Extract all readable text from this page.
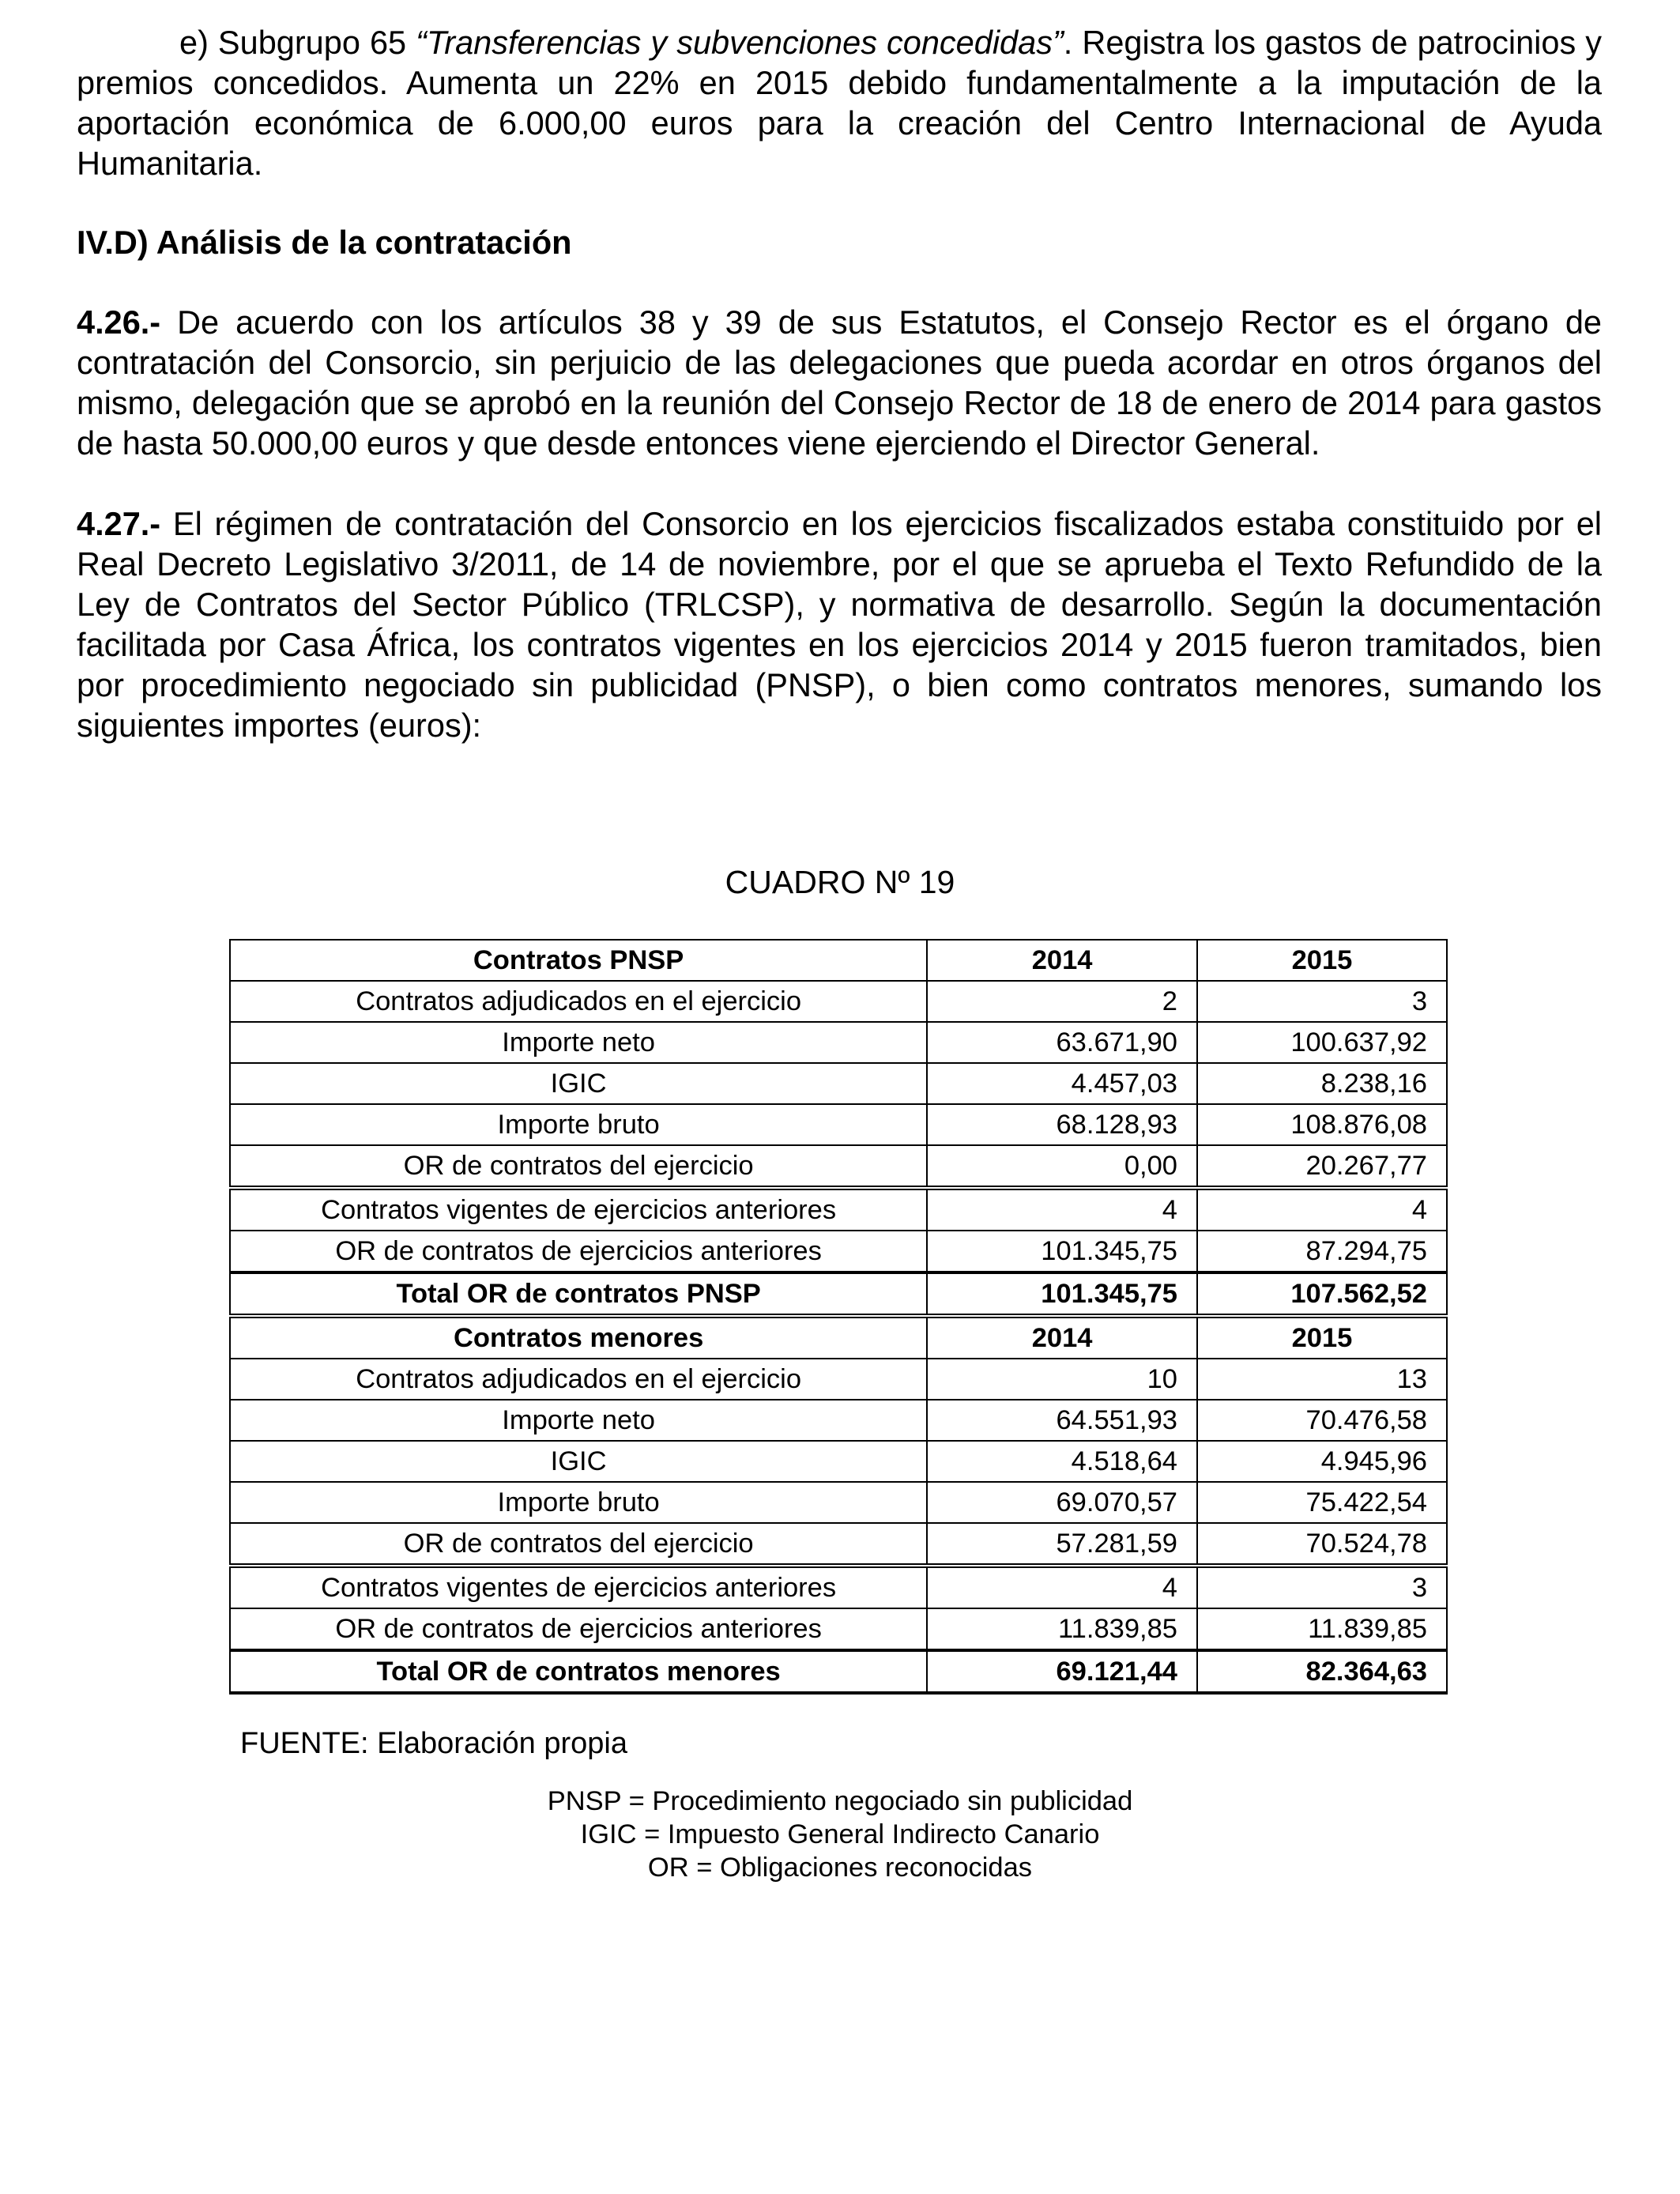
e) Subgrupo 65 “Transferencias y subvenciones concedidas”. Registra los gastos de patrocinios y premios concedidos. Aumenta un 22% en 2015 debido fundamentalmente a la imputación de la aportación económica de 6.000,00 euros para la creación del Centro Internacional de Ayuda Humanitaria.

IV.D) Análisis de la contratación

4.26.- De acuerdo con los artículos 38 y 39 de sus Estatutos, el Consejo Rector es el órgano de contratación del Consorcio, sin perjuicio de las delegaciones que pueda acordar en otros órganos del mismo, delegación que se aprobó en la reunión del Consejo Rector de 18 de enero de 2014 para gastos de hasta 50.000,00 euros y que desde entonces viene ejerciendo el Director General.

4.27.- El régimen de contratación del Consorcio en los ejercicios fiscalizados estaba constituido por el Real Decreto Legislativo 3/2011, de 14 de noviembre, por el que se aprueba el Texto Refundido de la Ley de Contratos del Sector Público (TRLCSP), y normativa de desarrollo. Según la documentación facilitada por Casa África, los contratos vigentes en los ejercicios 2014 y 2015 fueron tramitados, bien por procedimiento negociado sin publicidad (PNSP), o bien como contratos menores, sumando los siguientes importes (euros):

CUADRO Nº 19
Contratos PNSP	2014	2015
Contratos adjudicados en el ejercicio	2	3
Importe neto	63.671,90	100.637,92
IGIC	4.457,03	8.238,16
Importe bruto	68.128,93	108.876,08
OR de contratos del ejercicio	0,00	20.267,77
Contratos vigentes de ejercicios anteriores	4	4
OR de contratos de ejercicios anteriores	101.345,75	87.294,75
Total OR de contratos PNSP	101.345,75	107.562,52
Contratos menores	2014	2015
Contratos adjudicados en el ejercicio	10	13
Importe neto	64.551,93	70.476,58
IGIC	4.518,64	4.945,96
Importe bruto	69.070,57	75.422,54
OR de contratos del ejercicio	57.281,59	70.524,78
Contratos vigentes de ejercicios anteriores	4	3
OR de contratos de ejercicios anteriores	11.839,85	11.839,85
Total OR de contratos menores	69.121,44	82.364,63
FUENTE: Elaboración propia
PNSP = Procedimiento negociado sin publicidad
IGIC = Impuesto General Indirecto Canario
OR = Obligaciones reconocidas
